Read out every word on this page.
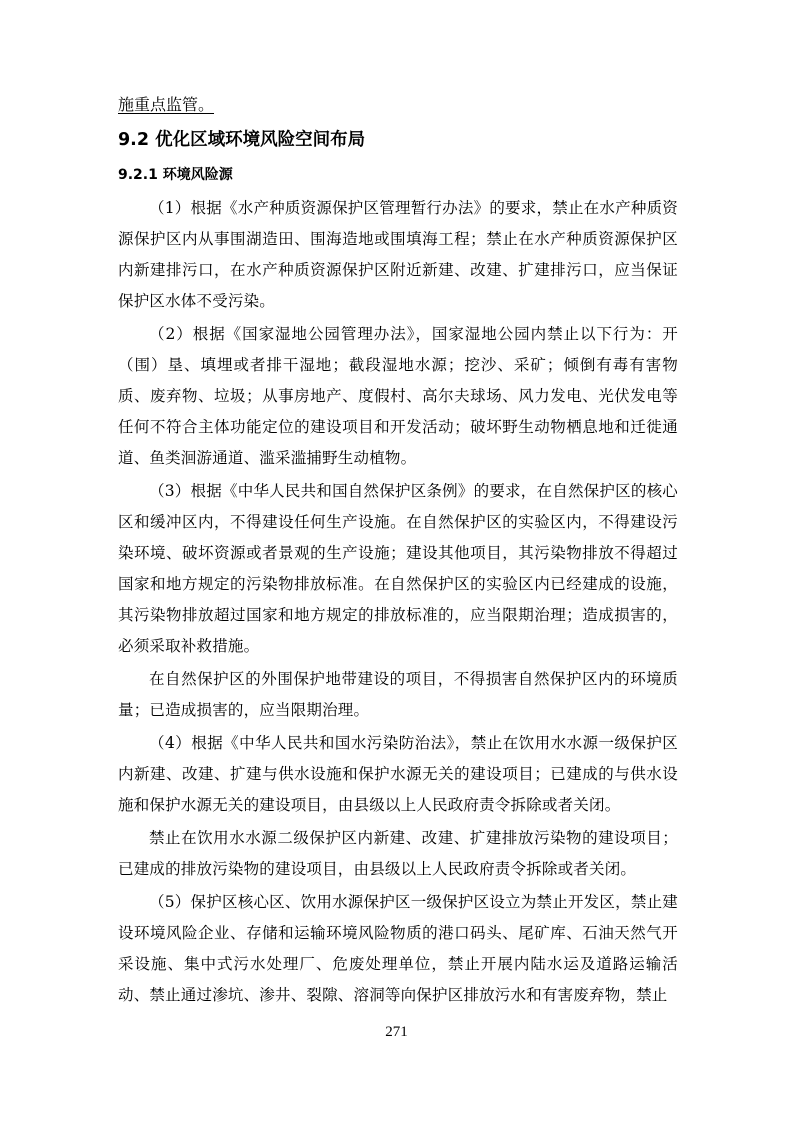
施重点监管。

9.2 优化区域环境风险空间布局
9.2.1 环境风险源

（1）根据《水产种质资源保护区管理暂行办法》的要求，禁止在水产种质资源保护区内从事围湖造田、围海造地或围填海工程；禁止在水产种质资源保护区内新建排污口，在水产种质资源保护区附近新建、改建、扩建排污口，应当保证保护区水体不受污染。

（2）根据《国家湿地公园管理办法》，国家湿地公园内禁止以下行为：开（围）垦、填埋或者排干湿地；截段湿地水源；挖沙、采矿；倾倒有毒有害物质、废弃物、垃圾；从事房地产、度假村、高尔夫球场、风力发电、光伏发电等任何不符合主体功能定位的建设项目和开发活动；破坏野生动物栖息地和迁徙通道、鱼类洄游通道、滥采滥捕野生动植物。

（3）根据《中华人民共和国自然保护区条例》的要求，在自然保护区的核心区和缓冲区内，不得建设任何生产设施。在自然保护区的实验区内，不得建设污染环境、破坏资源或者景观的生产设施；建设其他项目，其污染物排放不得超过国家和地方规定的污染物排放标准。在自然保护区的实验区内已经建成的设施，其污染物排放超过国家和地方规定的排放标准的，应当限期治理；造成损害的，必须采取补救措施。

在自然保护区的外围保护地带建设的项目，不得损害自然保护区内的环境质量；已造成损害的，应当限期治理。

（4）根据《中华人民共和国水污染防治法》，禁止在饮用水水源一级保护区内新建、改建、扩建与供水设施和保护水源无关的建设项目；已建成的与供水设施和保护水源无关的建设项目，由县级以上人民政府责令拆除或者关闭。

禁止在饮用水水源二级保护区内新建、改建、扩建排放污染物的建设项目；已建成的排放污染物的建设项目，由县级以上人民政府责令拆除或者关闭。

（5）保护区核心区、饮用水源保护区一级保护区设立为禁止开发区，禁止建设环境风险企业、存储和运输环境风险物质的港口码头、尾矿库、石油天然气开采设施、集中式污水处理厂、危废处理单位，禁止开展内陆水运及道路运输活动、禁止通过渗坑、渗井、裂隙、溶洞等向保护区排放污水和有害废弃物，禁止

271
